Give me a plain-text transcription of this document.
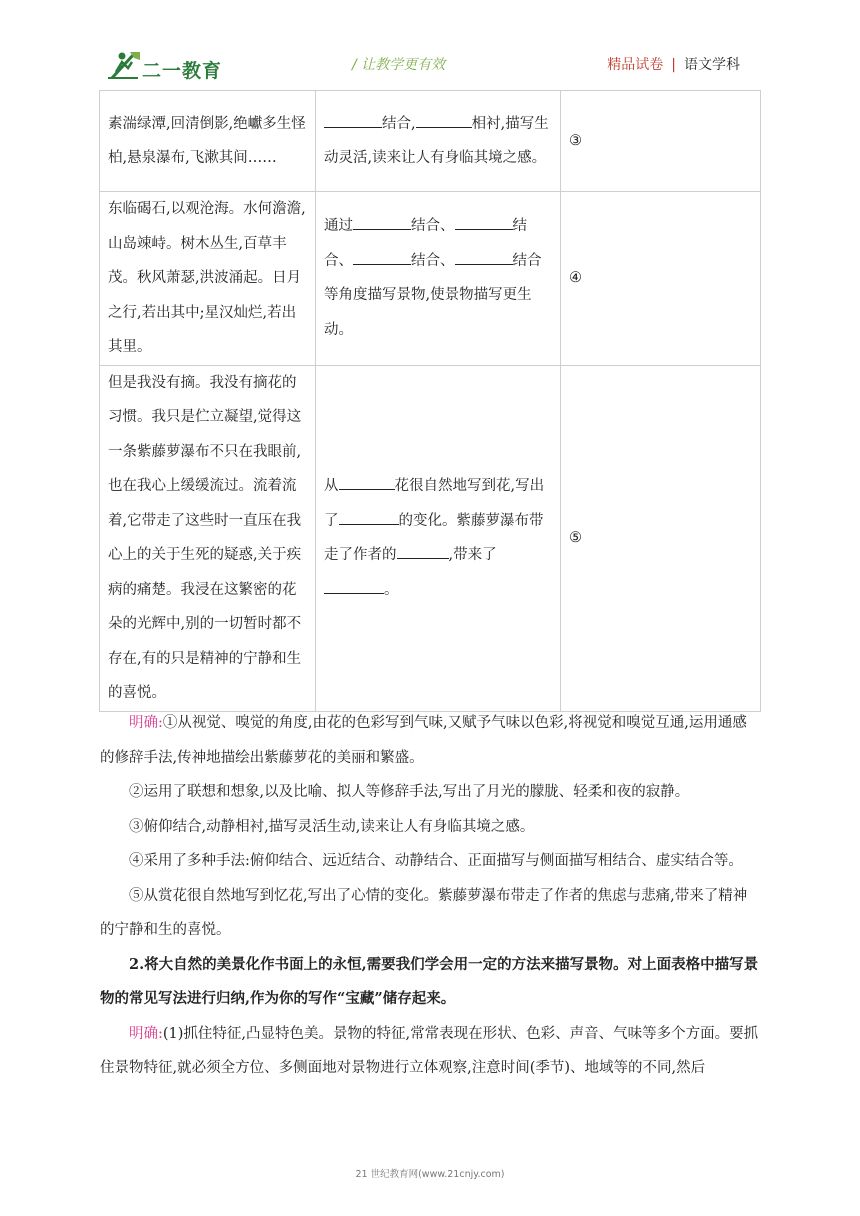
二一教育	/ 让教学更有效	精品试卷 | 语文学科
素湍绿潭,回清倒影,绝巘多生怪柏,悬泉瀑布,飞漱其间……	结合, 相衬,描写生动灵活,读来让人有身临其境之感。	③
东临碣石,以观沧海。水何澹澹,山岛竦峙。树木丛生,百草丰茂。秋风萧瑟,洪波涌起。日月之行,若出其中;星汉灿烂,若出其里。	通过 结合、 结合、 结合、 结合等角度描写景物,使景物描写更生动。	④
但是我没有摘。我没有摘花的习惯。我只是伫立凝望,觉得这一条紫藤萝瀑布不只在我眼前,也在我心上缓缓流过。流着流着,它带走了这些时一直压在我心上的关于生死的疑惑,关于疾病的痛楚。我浸在这繁密的花朵的光辉中,别的一切暂时都不存在,有的只是精神的宁静和生的喜悦。	从 花很自然地写到花,写出了 的变化。紫藤萝瀑布带走了作者的 ,带来了。	⑤

明确:①从视觉、嗅觉的角度,由花的色彩写到气味,又赋予气味以色彩,将视觉和嗅觉互通,运用通感的修辞手法,传神地描绘出紫藤萝花的美丽和繁盛。

②运用了联想和想象,以及比喻、拟人等修辞手法,写出了月光的朦胧、轻柔和夜的寂静。

③俯仰结合,动静相衬,描写灵活生动,读来让人有身临其境之感。

④采用了多种手法:俯仰结合、远近结合、动静结合、正面描写与侧面描写相结合、虚实结合等。

⑤从赏花很自然地写到忆花,写出了心情的变化。紫藤萝瀑布带走了作者的焦虑与悲痛,带来了精神的宁静和生的喜悦。

2.将大自然的美景化作书面上的永恒,需要我们学会用一定的方法来描写景物。对上面表格中描写景物的常见写法进行归纳,作为你的写作“宝藏”储存起来。

明确:(1)抓住特征,凸显特色美。景物的特征,常常表现在形状、色彩、声音、气味等多个方面。要抓住景物特征,就必须全方位、多侧面地对景物进行立体观察,注意时间(季节)、地域等的不同,然后

21 世纪教育网(www.21cnjy.com)
